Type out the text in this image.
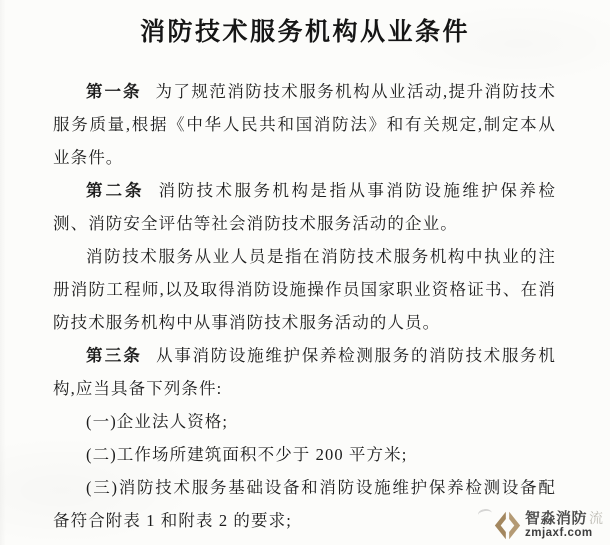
消防技术服务机构从业条件

第一条 为了规范消防技术服务机构从业活动,提升消防技术服务质量,根据《中华人民共和国消防法》和有关规定,制定本从业条件。

第二条 消防技术服务机构是指从事消防设施维护保养检测、消防安全评估等社会消防技术服务活动的企业。

消防技术服务从业人员是指在消防技术服务机构中执业的注册消防工程师,以及取得消防设施操作员国家职业资格证书、在消防技术服务机构中从事消防技术服务活动的人员。

第三条 从事消防设施维护保养检测服务的消防技术服务机构,应当具备下列条件:

(一)企业法人资格;

(二)工作场所建筑面积不少于 200 平方米;

(三)消防技术服务基础设备和消防设施维护保养检测设备配备符合附表 1 和附表 2 的要求;	智淼消防 流
zmjaxf.com
